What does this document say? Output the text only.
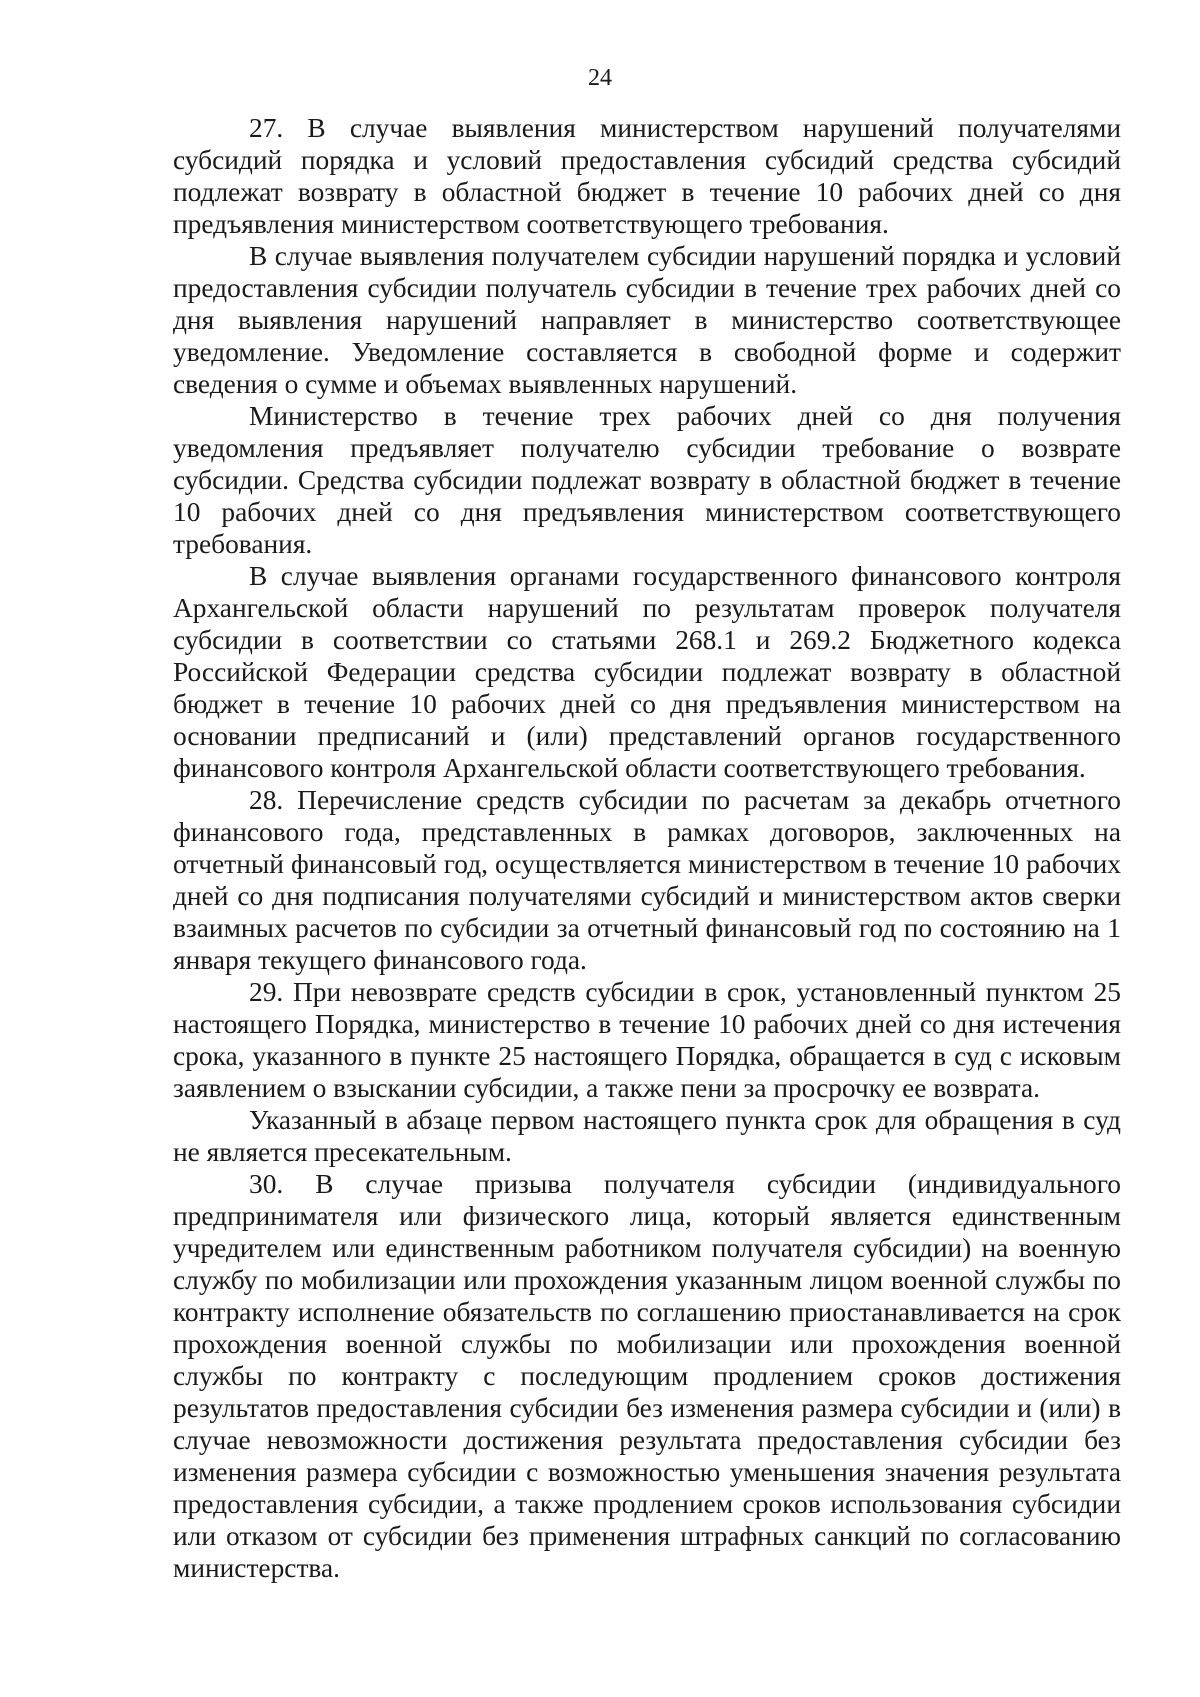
24

27. В случае выявления министерством нарушений получателями субсидий порядка и условий предоставления субсидий средства субсидий подлежат возврату в областной бюджет в течение 10 рабочих дней со дня предъявления министерством соответствующего требования.

В случае выявления получателем субсидии нарушений порядка и условий предоставления субсидии получатель субсидии в течение трех рабочих дней со дня выявления нарушений направляет в министерство соответствующее уведомление. Уведомление составляется в свободной форме и содержит сведения о сумме и объемах выявленных нарушений.

Министерство в течение трех рабочих дней со дня получения уведомления предъявляет получателю субсидии требование о возврате субсидии. Средства субсидии подлежат возврату в областной бюджет в течение 10 рабочих дней со дня предъявления министерством соответствующего требования.

В случае выявления органами государственного финансового контроля Архангельской области нарушений по результатам проверок получателя субсидии в соответствии со статьями 268.1 и 269.2 Бюджетного кодекса Российской Федерации средства субсидии подлежат возврату в областной бюджет в течение 10 рабочих дней со дня предъявления министерством на основании предписаний и (или) представлений органов государственного финансового контроля Архангельской области соответствующего требования.

28. Перечисление средств субсидии по расчетам за декабрь отчетного финансового года, представленных в рамках договоров, заключенных на отчетный финансовый год, осуществляется министерством в течение 10 рабочих дней со дня подписания получателями субсидий и министерством актов сверки взаимных расчетов по субсидии за отчетный финансовый год по состоянию на 1 января текущего финансового года.

29. При невозврате средств субсидии в срок, установленный пунктом 25 настоящего Порядка, министерство в течение 10 рабочих дней со дня истечения срока, указанного в пункте 25 настоящего Порядка, обращается в суд с исковым заявлением о взыскании субсидии, а также пени за просрочку ее возврата.

Указанный в абзаце первом настоящего пункта срок для обращения в суд не является пресекательным.

30. В случае призыва получателя субсидии (индивидуального предпринимателя или физического лица, который является единственным учредителем или единственным работником получателя субсидии) на военную службу по мобилизации или прохождения указанным лицом военной службы по контракту исполнение обязательств по соглашению приостанавливается на срок прохождения военной службы по мобилизации или прохождения военной службы по контракту с последующим продлением сроков достижения результатов предоставления субсидии без изменения размера субсидии и (или) в случае невозможности достижения результата предоставления субсидии без изменения размера субсидии с возможностью уменьшения значения результата предоставления субсидии, а также продлением сроков использования субсидии или отказом от субсидии без применения штрафных санкций по согласованию министерства.
